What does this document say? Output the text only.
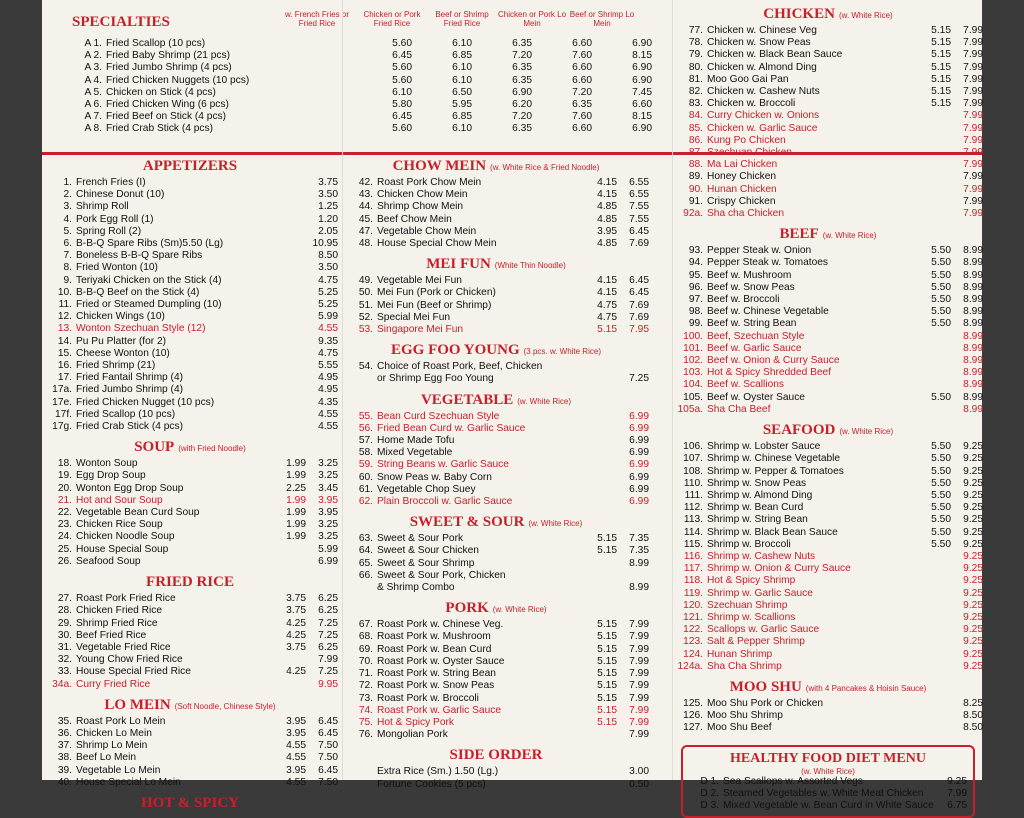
SPECIALTIES	w. French Fries or Fried Rice
Chicken or Pork Fried Rice
Beef or Shrimp Fried Rice
Chicken or Pork Lo Mein
Beef or Shrimp Lo Mein
A 1. Fried Scallop (10 pcs)	5.60	6.10	6.35	6.60	6.90
A 2. Fried Baby Shrimp (21 pcs)	6.45	6.85	7.20	7.60	8.15
A 3. Fried Jumbo Shrimp (4 pcs)	5.60	6.10	6.35	6.60	6.90
A 4. Fried Chicken Nuggets (10 pcs)	5.60	6.10	6.35	6.60	6.90
A 5. Chicken on Stick (4 pcs)	6.10	6.50	6.90	7.20	7.45
A 6. Fried Chicken Wing (6 pcs)	5.80	5.95	6.20	6.35	6.60
A 7. Fried Beef on Stick (4 pcs)	6.45	6.85	7.20	7.60	8.15
A 8. Fried Crab Stick (4 pcs)	5.60	6.10	6.35	6.60	6.90
APPETIZERS
1. French Fries (I)	3.75
2. Chinese Donut (10)	3.50
3. Shrimp Roll	1.25
4. Pork Egg Roll (1)	1.20
5. Spring Roll (2)	2.05
6. B-B-Q Spare Ribs (Sm)5.50 (Lg)	10.95
7. Boneless B-B-Q Spare Ribs	8.50
8. Fried Wonton (10)	3.50
9. Teriyaki Chicken on the Stick (4)	4.75
10. B-B-Q Beef on the Stick (4)	5.25
11. Fried or Steamed Dumpling (10)	5.25
12. Chicken Wings (10)	5.99
13. Wonton Szechuan Style (12)	4.55
14. Pu Pu Platter (for 2)	9.35
15. Cheese Wonton (10)	4.75
16. Fried Shrimp (21)	5.55
17. Fried Fantail Shrimp (4)	4.95
17a. Fried Jumbo Shrimp (4)	4.95
17e. Fried Chicken Nugget (10 pcs)	4.35
17f. Fried Scallop (10 pcs)	4.55
17g. Fried Crab Stick (4 pcs)	4.55
SOUP (with Fried Noodle)
18. Wonton Soup	1.99	3.25
19. Egg Drop Soup	1.99	3.25
20. Wonton Egg Drop Soup	2.25	3.45
21. Hot and Sour Soup	1.99	3.95
22. Vegetable Bean Curd Soup	1.99	3.95
23. Chicken Rice Soup	1.99	3.25
24. Chicken Noodle Soup	1.99	3.25
25. House Special Soup	5.99
26. Seafood Soup	6.99
FRIED RICE
27. Roast Pork Fried Rice	3.75	6.25
28. Chicken Fried Rice	3.75	6.25
29. Shrimp Fried Rice	4.25	7.25
30. Beef Fried Rice	4.25	7.25
31. Vegetable Fried Rice	3.75	6.25
32. Young Chow Fried Rice	7.99
33. House Special Fried Rice	4.25	7.25
34a. Curry Fried Rice	9.95
LO MEIN (Soft Noodle, Chinese Style)
35. Roast Pork Lo Mein	3.95	6.45
36. Chicken Lo Mein	3.95	6.45
37. Shrimp Lo Mein	4.55	7.50
38. Beef Lo Mein	4.55	7.50
39. Vegetable Lo Mein	3.95	6.45
40. House Special Lo Mein	4.55	7.50
HOT & SPICY
CHOW MEIN (w. White Rice & Fried Noodle)
42. Roast Pork Chow Mein	4.15	6.55
43. Chicken Chow Mein	4.15	6.55
44. Shrimp Chow Mein	4.85	7.55
45. Beef Chow Mein	4.85	7.55
47. Vegetable Chow Mein	3.95	6.45
48. House Special Chow Mein	4.85	7.69
MEI FUN (White Thin Noodle)
49. Vegetable Mei Fun	4.15	6.45
50. Mei Fun (Pork or Chicken)	4.15	6.45
51. Mei Fun (Beef or Shrimp)	4.75	7.69
52. Special Mei Fun	4.75	7.69
53. Singapore Mei Fun	5.15	7.95
EGG FOO YOUNG (3 pcs. w. White Rice)
54. Choice of Roast Pork, Beef, Chicken
or Shrimp Egg Foo Young	7.25
VEGETABLE (w. White Rice)
55. Bean Curd Szechuan Style	6.99
56. Fried Bean Curd w. Garlic Sauce	6.99
57. Home Made Tofu	6.99
58. Mixed Vegetable	6.99
59. String Beans w. Garlic Sauce	6.99
60. Snow Peas w. Baby Corn	6.99
61. Vegetable Chop Suey	6.99
62. Plain Broccoli w. Garlic Sauce	6.99
SWEET & SOUR (w. White Rice)
63. Sweet & Sour Pork	5.15	7.35
64. Sweet & Sour Chicken	5.15	7.35
65. Sweet & Sour Shrimp	8.99
66. Sweet & Sour Pork, Chicken
& Shrimp Combo	8.99
PORK (w. White Rice)
67. Roast Pork w. Chinese Veg.	5.15	7.99
68. Roast Pork w. Mushroom	5.15	7.99
69. Roast Pork w. Bean Curd	5.15	7.99
70. Roast Pork w. Oyster Sauce	5.15	7.99
71. Roast Pork w. String Bean	5.15	7.99
72. Roast Pork w. Snow Peas	5.15	7.99
73. Roast Pork w. Broccoli	5.15	7.99
74. Roast Pork w. Garlic Sauce	5.15	7.99
75. Hot & Spicy Pork	5.15	7.99
76. Mongolian Pork	7.99
SIDE ORDER
Extra Rice (Sm.) 1.50 (Lg.)	3.00
Fortune Cookies (5 pcs)	0.50
CHICKEN (w. White Rice)
77. Chicken w. Chinese Veg	5.15	7.99
78. Chicken w. Snow Peas	5.15	7.99
79. Chicken w. Black Bean Sauce	5.15	7.99
80. Chicken w. Almond Ding	5.15	7.99
81. Moo Goo Gai Pan	5.15	7.99
82. Chicken w. Cashew Nuts	5.15	7.99
83. Chicken w. Broccoli	5.15	7.99
84. Curry Chicken w. Onions	7.99
85. Chicken w. Garlic Sauce	7.99
86. Kung Po Chicken	7.99
87. Szechuan Chicken	7.99
88. Ma Lai Chicken	7.99
89. Honey Chicken	7.99
90. Hunan Chicken	7.99
91. Crispy Chicken	7.99
92a. Sha cha Chicken	7.99
BEEF (w. White Rice)
93. Pepper Steak w. Onion	5.50	8.99
94. Pepper Steak w. Tomatoes	5.50	8.99
95. Beef w. Mushroom	5.50	8.99
96. Beef w. Snow Peas	5.50	8.99
97. Beef w. Broccoli	5.50	8.99
98. Beef w. Chinese Vegetable	5.50	8.99
99. Beef w. String Bean	5.50	8.99
100. Beef, Szechuan Style	8.99
101. Beef w. Garlic Sauce	8.99
102. Beef w. Onion & Curry Sauce	8.99
103. Hot & Spicy Shredded Beef	8.99
104. Beef w. Scallions	8.99
105. Beef w. Oyster Sauce	5.50	8.99
105a. Sha Cha Beef	8.99
SEAFOOD (w. White Rice)
106. Shrimp w. Lobster Sauce	5.50	9.25
107. Shrimp w. Chinese Vegetable	5.50	9.25
108. Shrimp w. Pepper & Tomatoes	5.50	9.25
110. Shrimp w. Snow Peas	5.50	9.25
111. Shrimp w. Almond Ding	5.50	9.25
112. Shrimp w. Bean Curd	5.50	9.25
113. Shrimp w. String Bean	5.50	9.25
114. Shrimp w. Black Bean Sauce	5.50	9.25
115. Shrimp w. Broccoli	5.50	9.25
116. Shrimp w. Cashew Nuts	9.25
117. Shrimp w. Onion & Curry Sauce	9.25
118. Hot & Spicy Shrimp	9.25
119. Shrimp w. Garlic Sauce	9.25
120. Szechuan Shrimp	9.25
121. Shrimp w. Scallions	9.25
122. Scallops w. Garlic Sauce	9.25
123. Salt & Pepper Shrimp	9.25
124. Hunan Shrimp	9.25
124a. Sha Cha Shrimp	9.25
MOO SHU (with 4 Pancakes & Hoisin Sauce)
125. Moo Shu Pork or Chicken	8.25
126. Moo Shu Shrimp	8.50
127. Moo Shu Beef	8.50
HEALTHY FOOD DIET MENU
(w. White Rice)
D 1. Sea Scallops w. Assorted Vegs	9.25
D 2. Steamed Vegetables w. White Meat Chicken	7.99
D 3. Mixed Vegetable w. Bean Curd in White Sauce	6.75
